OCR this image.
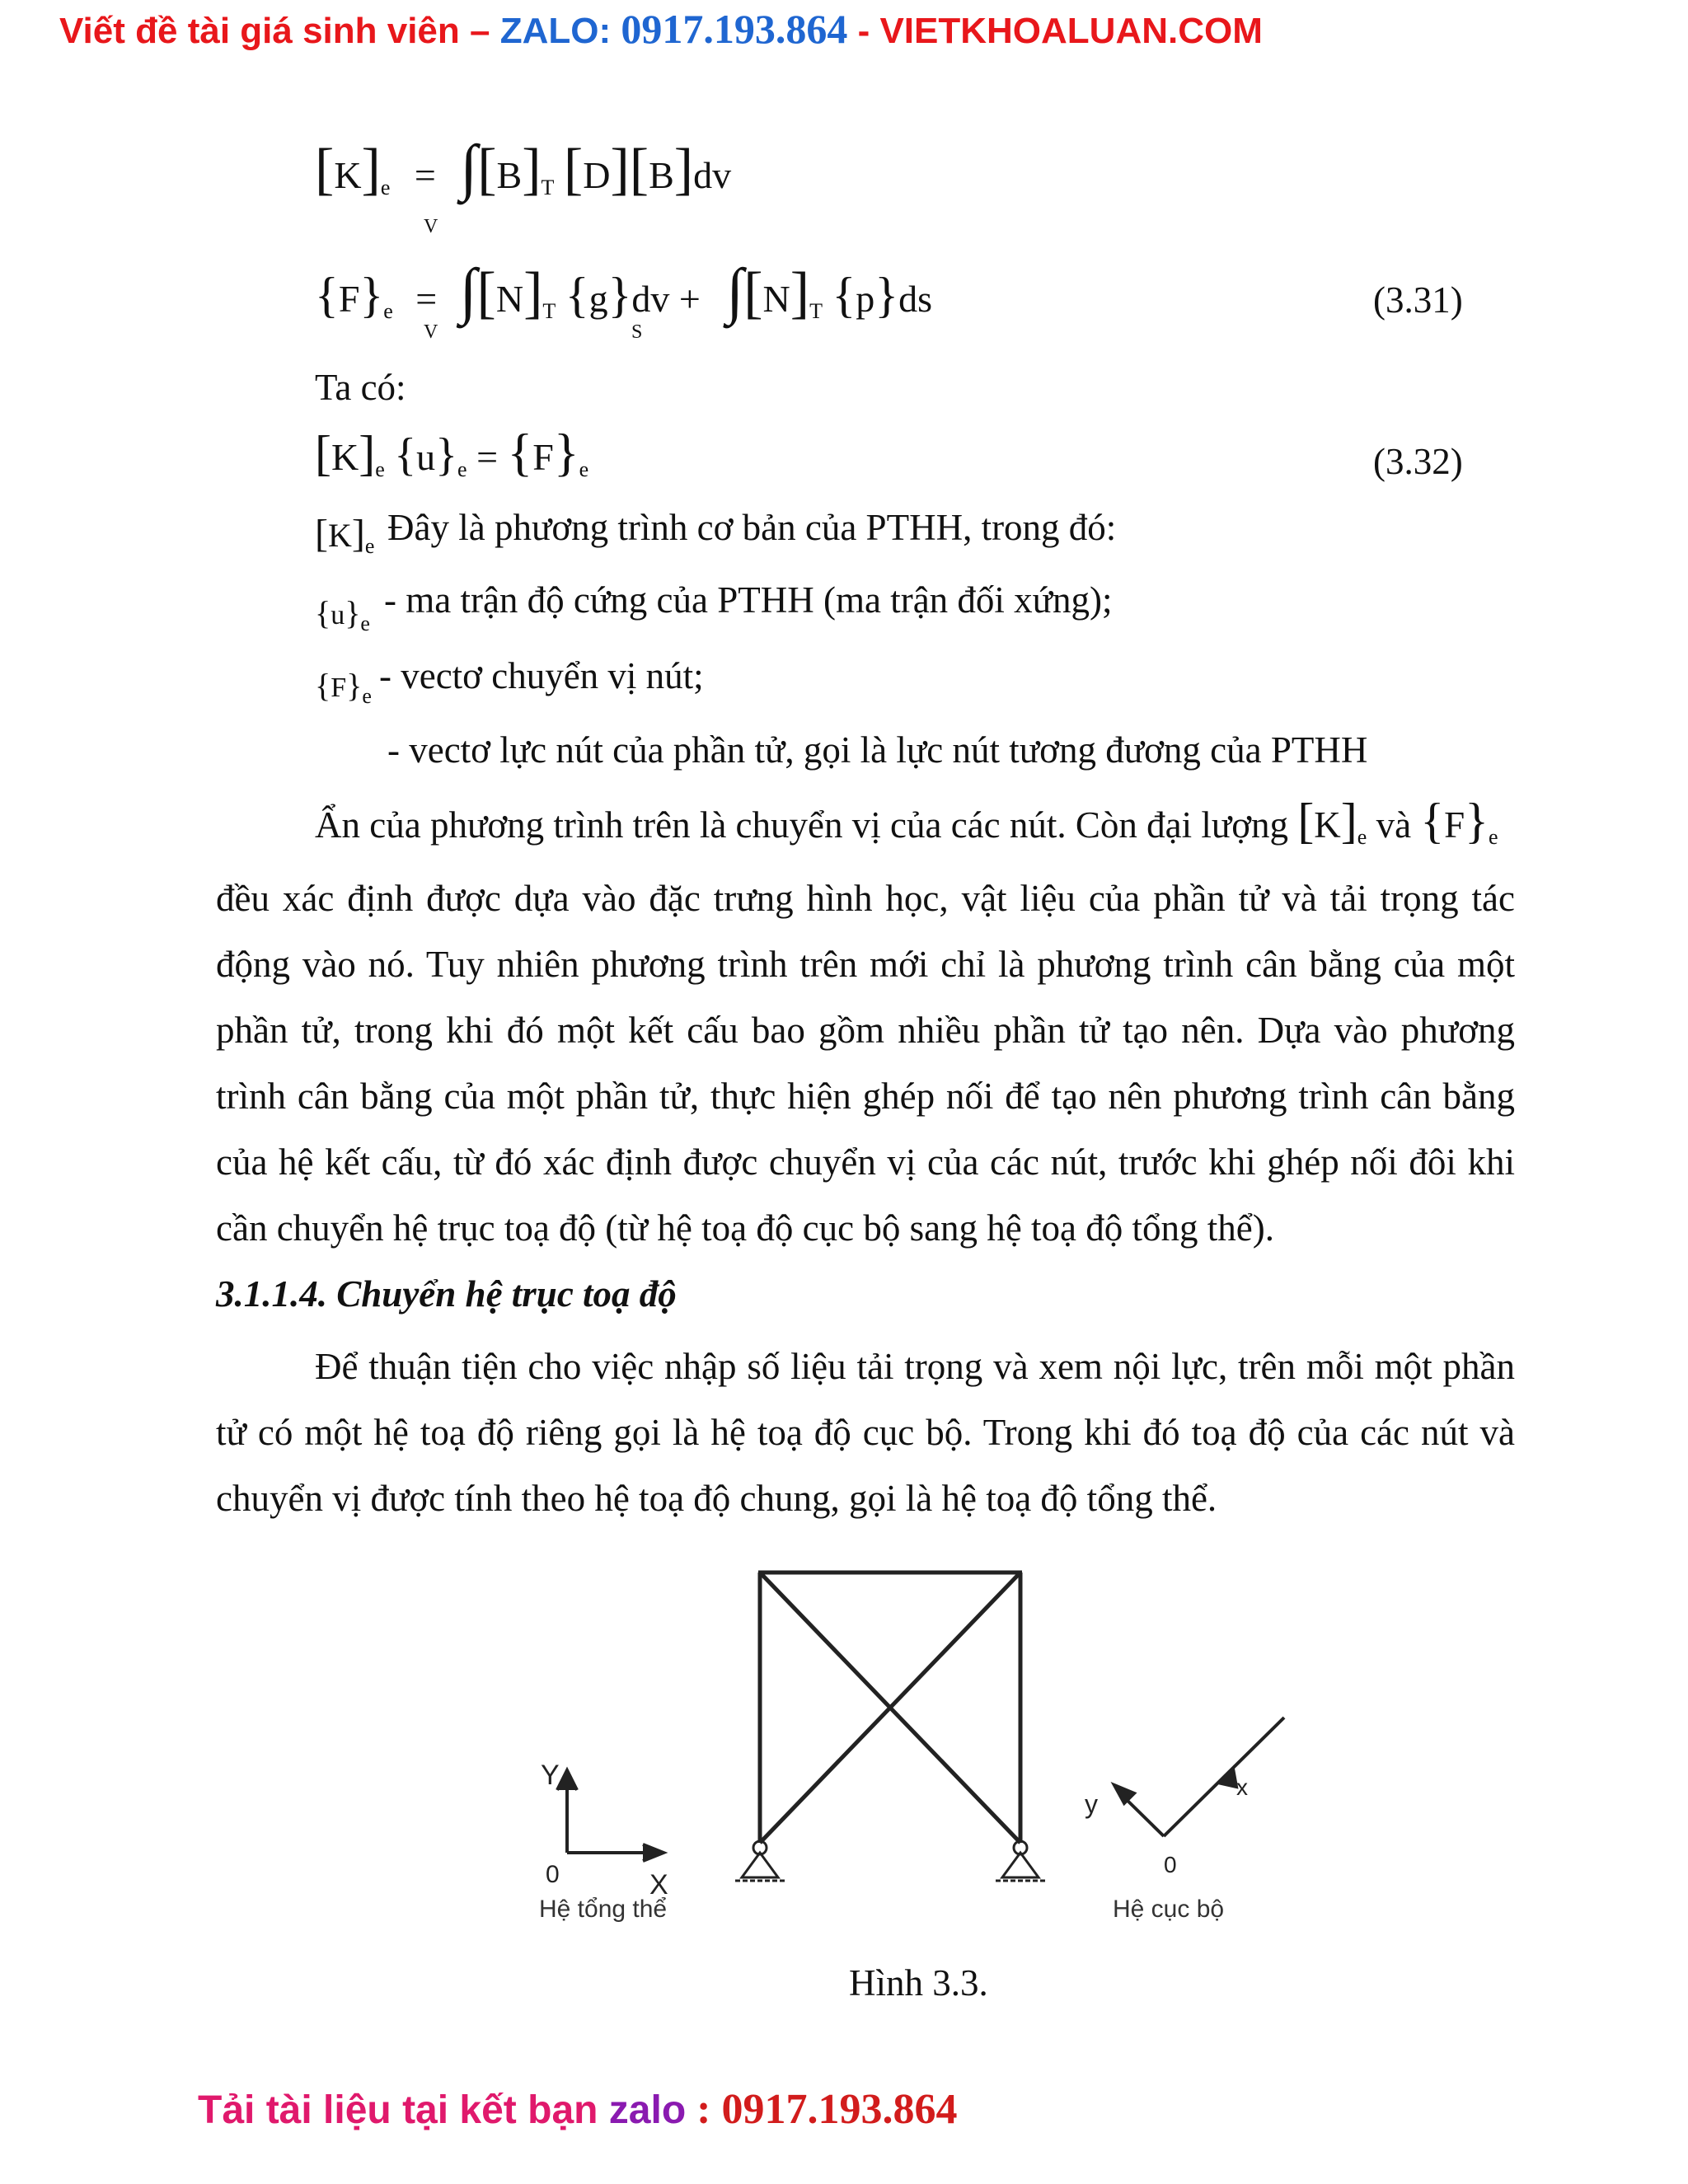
Viết đề tài giá sinh viên – ZALO: 0917.193.864 - VIETKHOALUAN.COM
$[K]_e = \int[B]_T$ [D][B]dv
V
$\{F\}_e = \int[N]_T$ $\{g\}dv + \int[N]_T$ {p}ds
V	S
(3.31)
Ta có:
$[K]_e$ $\{u\}_e = \{F\}_e$	(3.32)
$[K]_e$ Đây là phương trình cơ bản của PTHH, trong đó:
$\{u\}_e$
- ma trận độ cứng của PTHH (ma trận đối xứng);
$\{F\}_e$ - vectơ chuyển vị nút;
- vectơ lực nút của phần tử, gọi là lực nút tương đương của PTHH
Ẩn của phương trình trên là chuyển vị của các nút. Còn đại lượng $[K]_e$ và $\{F\}_e$
đều xác định được dựa vào đặc trưng hình học, vật liệu của phần tử và tải trọng tác động vào nó. Tuy nhiên phương trình trên mới chỉ là phương trình cân bằng của một phần tử, trong khi đó một kết cấu bao gồm nhiều phần tử tạo nên. Dựa vào phương trình cân bằng của một phần tử, thực hiện ghép nối để tạo nên phương trình cân bằng của hệ kết cấu, từ đó xác định được chuyển vị của các nút, trước khi ghép nối đôi khi cần chuyển hệ trục toạ độ (từ hệ toạ độ cục bộ sang hệ toạ độ tổng thể).
3.1.1.4. Chuyển hệ trục toạ độ
Để thuận tiện cho việc nhập số liệu tải trọng và xem nội lực, trên mỗi một phần tử có một hệ toạ độ riêng gọi là hệ toạ độ cục bộ. Trong khi đó toạ độ của các nút và chuyển vị được tính theo hệ toạ độ chung, gọi là hệ toạ độ tổng thể.
Y
X
0
Hệ tổng thể
y
x
0
Hệ cục bộ
Hình 3.3.
Tải tài liệu tại kết bạn zalo : 0917.193.864
